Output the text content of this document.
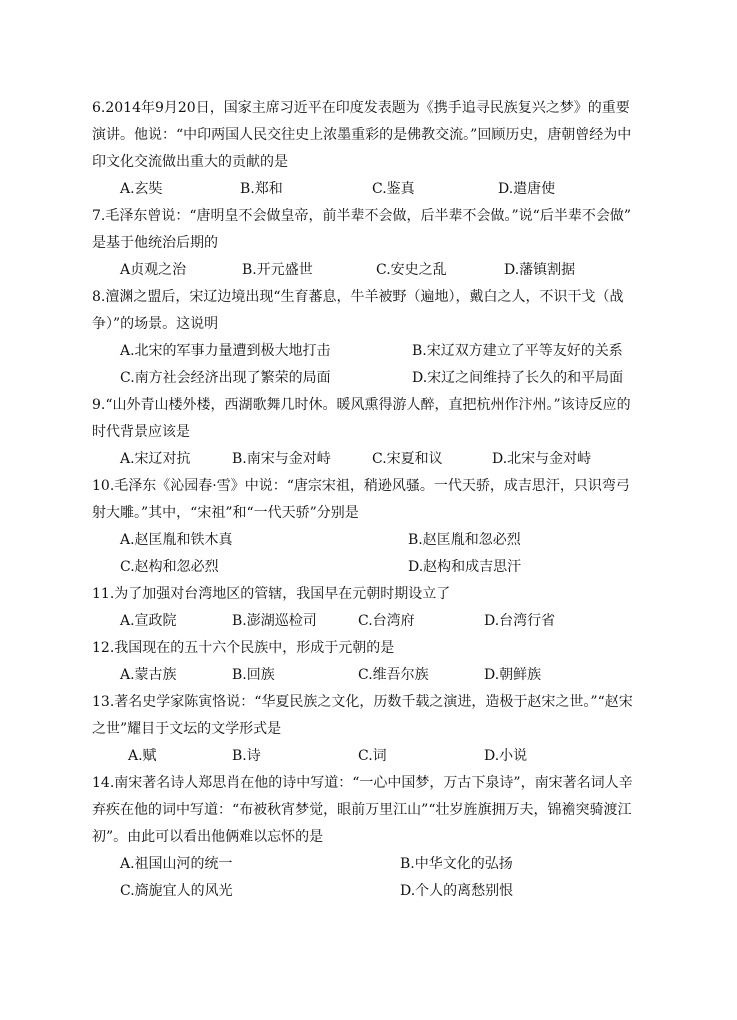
6.2014年9月20日，国家主席习近平在印度发表题为《携手追寻民族复兴之梦》的重要
演讲。他说：“中印两国人民交往史上浓墨重彩的是佛教交流。”回顾历史，唐朝曾经为中
印文化交流做出重大的贡献的是
A.玄奘	B.郑和	C.鉴真	D.遣唐使
7.毛泽东曾说：“唐明皇不会做皇帝，前半辈不会做，后半辈不会做。”说“后半辈不会做”
是基于他统治后期的
A贞观之治	B.开元盛世	C.安史之乱	D.藩镇割据
8.澶渊之盟后，宋辽边境出现“生育蕃息，牛羊被野（遍地），戴白之人，不识干戈（战
争）”的场景。这说明
A.北宋的军事力量遭到极大地打击	B.宋辽双方建立了平等友好的关系
C.南方社会经济出现了繁荣的局面	D.宋辽之间维持了长久的和平局面
9.“山外青山楼外楼，西湖歌舞几时休。暖风熏得游人醉，直把杭州作汴州。”该诗反应的
时代背景应该是
A.宋辽对抗	B.南宋与金对峙	C.宋夏和议	D.北宋与金对峙
10.毛泽东《沁园春·雪》中说：“唐宗宋祖，稍逊风骚。一代天骄，成吉思汗，只识弯弓
射大雕。”其中，“宋祖”和“一代天骄”分别是
A.赵匡胤和铁木真	B.赵匡胤和忽必烈
C.赵构和忽必烈	D.赵构和成吉思汗
11.为了加强对台湾地区的管辖，我国早在元朝时期设立了
A.宣政院	B.澎湖巡检司	C.台湾府	D.台湾行省
12.我国现在的五十六个民族中，形成于元朝的是
A.蒙古族	B.回族	C.维吾尔族	D.朝鲜族
13.著名史学家陈寅恪说：“华夏民族之文化，历数千载之演进，造极于赵宋之世。”“赵宋
之世”耀目于文坛的文学形式是
A.赋	B.诗	C.词	D.小说
14.南宋著名诗人郑思肖在他的诗中写道：“一心中国梦，万古下泉诗”，南宋著名词人辛
弃疾在他的词中写道：“布被秋宵梦觉，眼前万里江山”“壮岁旌旗拥万夫，锦襜突骑渡江
初”。由此可以看出他俩难以忘怀的是
A.祖国山河的统一	B.中华文化的弘扬
C.旖旎宜人的风光	D.个人的离愁别恨
